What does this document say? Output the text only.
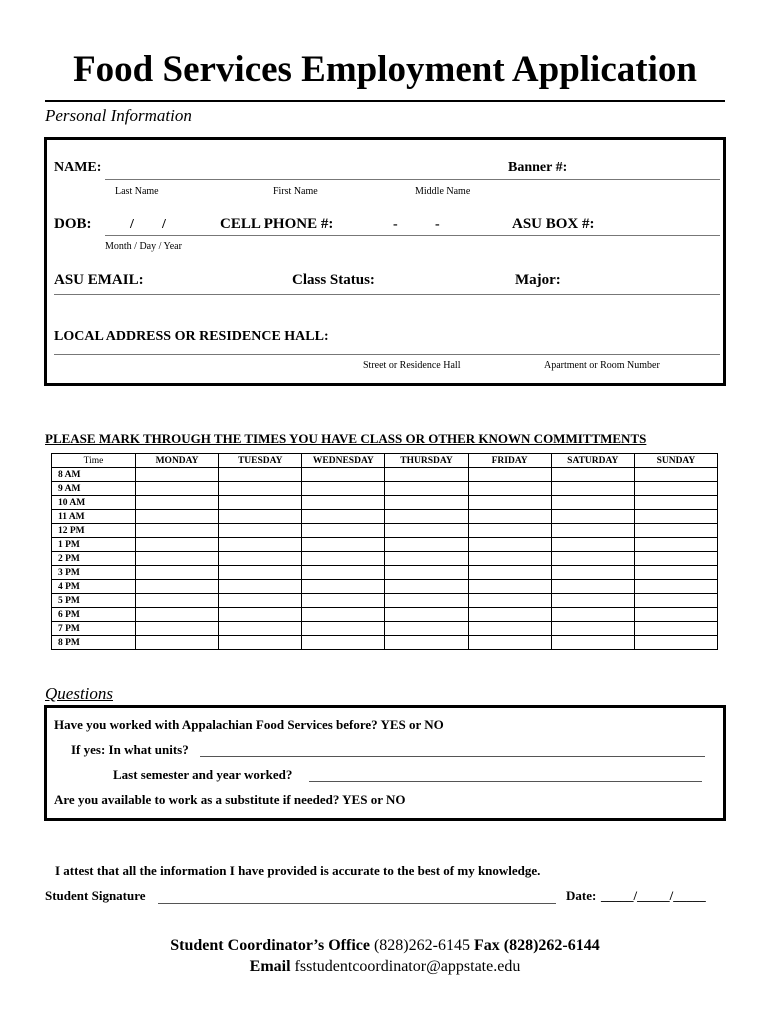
Food Services Employment Application
Personal Information
NAME:	Banner #:
Last Name	First Name	Middle Name
DOB:	/ /	CELL PHONE #:	-	-	ASU BOX #:
Month / Day / Year
ASU EMAIL:	Class Status:	Major:
LOCAL ADDRESS OR RESIDENCE HALL:
Street or Residence Hall	Apartment or Room Number
PLEASE MARK THROUGH THE TIMES YOU HAVE CLASS OR OTHER KNOWN COMMITTMENTS
Time	MONDAY	TUESDAY	WEDNESDAY	THURSDAY	FRIDAY	SATURDAY	SUNDAY
8 AM							
9 AM							
10 AM							
11 AM							
12 PM							
1 PM							
2 PM							
3 PM							
4 PM							
5 PM							
6 PM							
7 PM							
8 PM							
Questions
Have you worked with Appalachian Food Services before? YES or NO
If yes: In what units?
Last semester and year worked?
Are you available to work as a substitute if needed? YES or NO
I attest that all the information I have provided is accurate to the best of my knowledge.
Student Signature	Date: _____/_____/_____
Student Coordinator’s Office (828)262-6145 Fax (828)262-6144
Email fsstudentcoordinator@appstate.edu
